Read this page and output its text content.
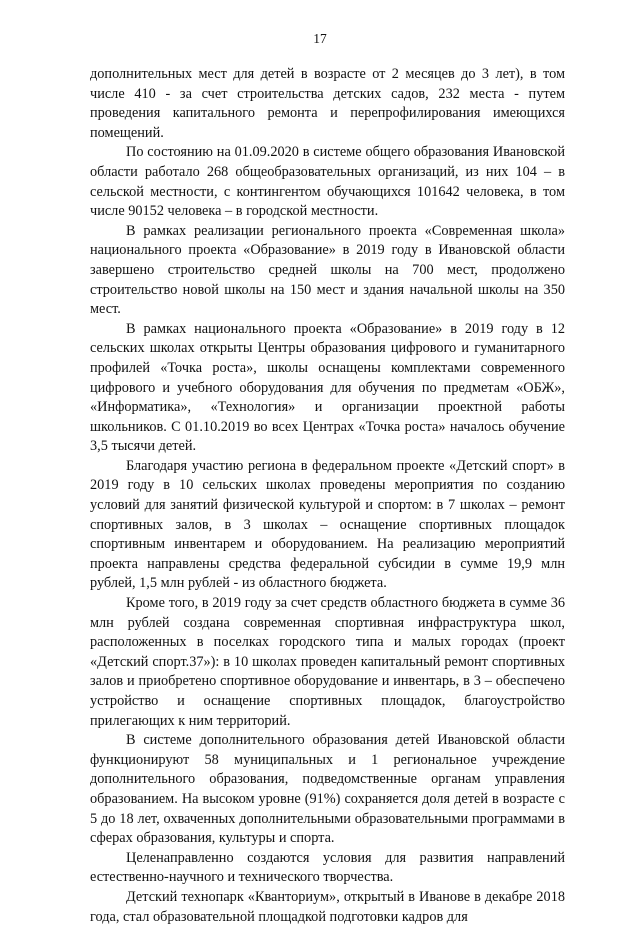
17

дополнительных мест для детей в возрасте от 2 месяцев до 3 лет), в том числе 410 - за счет строительства детских садов, 232 места - путем проведения капитального ремонта и перепрофилирования имеющихся помещений.

По состоянию на 01.09.2020 в системе общего образования Ивановской области работало 268 общеобразовательных организаций, из них 104 – в сельской местности, с контингентом обучающихся 101642 человека, в том числе 90152 человека – в городской местности.

В рамках реализации регионального проекта «Современная школа» национального проекта «Образование» в 2019 году в Ивановской области завершено строительство средней школы на 700 мест, продолжено строительство новой школы на 150 мест и здания начальной школы на 350 мест.

В рамках национального проекта «Образование» в 2019 году в 12 сельских школах открыты Центры образования цифрового и гуманитарного профилей «Точка роста», школы оснащены комплектами современного цифрового и учебного оборудования для обучения по предметам «ОБЖ», «Информатика», «Технология» и организации проектной работы школьников. С 01.10.2019 во всех Центрах «Точка роста» началось обучение 3,5 тысячи детей.

Благодаря участию региона в федеральном проекте «Детский спорт» в 2019 году в 10 сельских школах проведены мероприятия по созданию условий для занятий физической культурой и спортом: в 7 школах – ремонт спортивных залов, в 3 школах – оснащение спортивных площадок спортивным инвентарем и оборудованием. На реализацию мероприятий проекта направлены средства федеральной субсидии в сумме 19,9 млн рублей, 1,5 млн рублей - из областного бюджета.

Кроме того, в 2019 году за счет средств областного бюджета в сумме 36 млн рублей создана современная спортивная инфраструктура школ, расположенных в поселках городского типа и малых городах (проект «Детский спорт.37»): в 10 школах проведен капитальный ремонт спортивных залов и приобретено спортивное оборудование и инвентарь, в 3 – обеспечено устройство и оснащение спортивных площадок, благоустройство прилегающих к ним территорий.

В системе дополнительного образования детей Ивановской области функционируют 58 муниципальных и 1 региональное учреждение дополнительного образования, подведомственные органам управления образованием. На высоком уровне (91%) сохраняется доля детей в возрасте с 5 до 18 лет, охваченных дополнительными образовательными программами в сферах образования, культуры и спорта.

Целенаправленно создаются условия для развития направлений естественно-научного и технического творчества.

Детский технопарк «Кванториум», открытый в Иванове в декабре 2018 года, стал образовательной площадкой подготовки кадров для
